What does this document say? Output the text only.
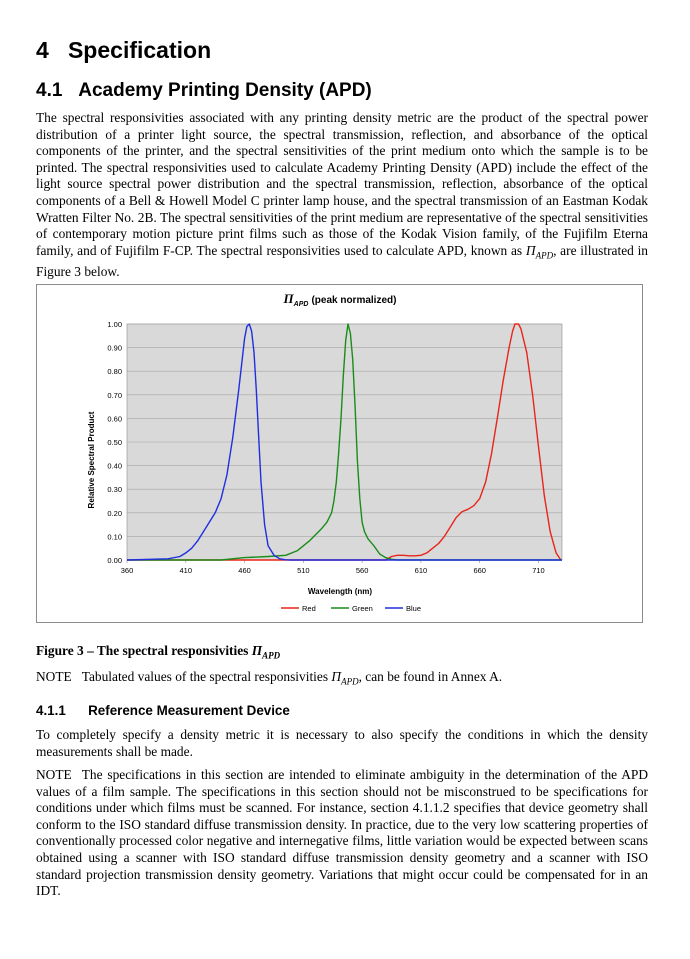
4 Specification
4.1 Academy Printing Density (APD)

The spectral responsivities associated with any printing density metric are the product of the spectral power distribution of a printer light source, the spectral transmission, reflection, and absorbance of the optical components of the printer, and the spectral sensitivities of the print medium onto which the sample is to be printed. The spectral responsivities used to calculate Academy Printing Density (APD) include the effect of the light source spectral power distribution and the spectral transmission, reflection, absorbance of the optical components of a Bell & Howell Model C printer lamp house, and the spectral transmission of an Eastman Kodak Wratten Filter No. 2B. The spectral sensitivities of the print medium are representative of the spectral sensitivities of contemporary motion picture print films such as those of the Kodak Vision family, of the Fujifilm Eterna family, and of Fujifilm F-CP. The spectral responsivities used to calculate APD, known as $\Pi_{APD}$, are illustrated in Figure 3 below.

$\Pi_{APD}$ (peak normalized)
0.00
0.10
0.20
0.30
0.40
0.50
0.60
0.70
0.80
0.90
1.00
360	410	460	510	560	610	660	710
Wavelength (nm)
Relative Spectral Product
Red	Green	Blue
Figure 3 – The spectral responsivities $\Pi_{APD}$
NOTE Tabulated values of the spectral responsivities $\Pi_{APD}$, can be found in Annex A.
4.1.1 Reference Measurement Device

To completely specify a density metric it is necessary to also specify the conditions in which the density measurements shall be made.

NOTE The specifications in this section are intended to eliminate ambiguity in the determination of the APD values of a film sample. The specifications in this section should not be misconstrued to be specifications for conditions under which films must be scanned. For instance, section 4.1.1.2 specifies that device geometry shall conform to the ISO standard diffuse transmission density. In practice, due to the very low scattering properties of conventionally processed color negative and internegative films, little variation would be expected between scans obtained using a scanner with ISO standard diffuse transmission density geometry and a scanner with ISO standard projection transmission density geometry. Variations that might occur could be compensated for in an IDT.
